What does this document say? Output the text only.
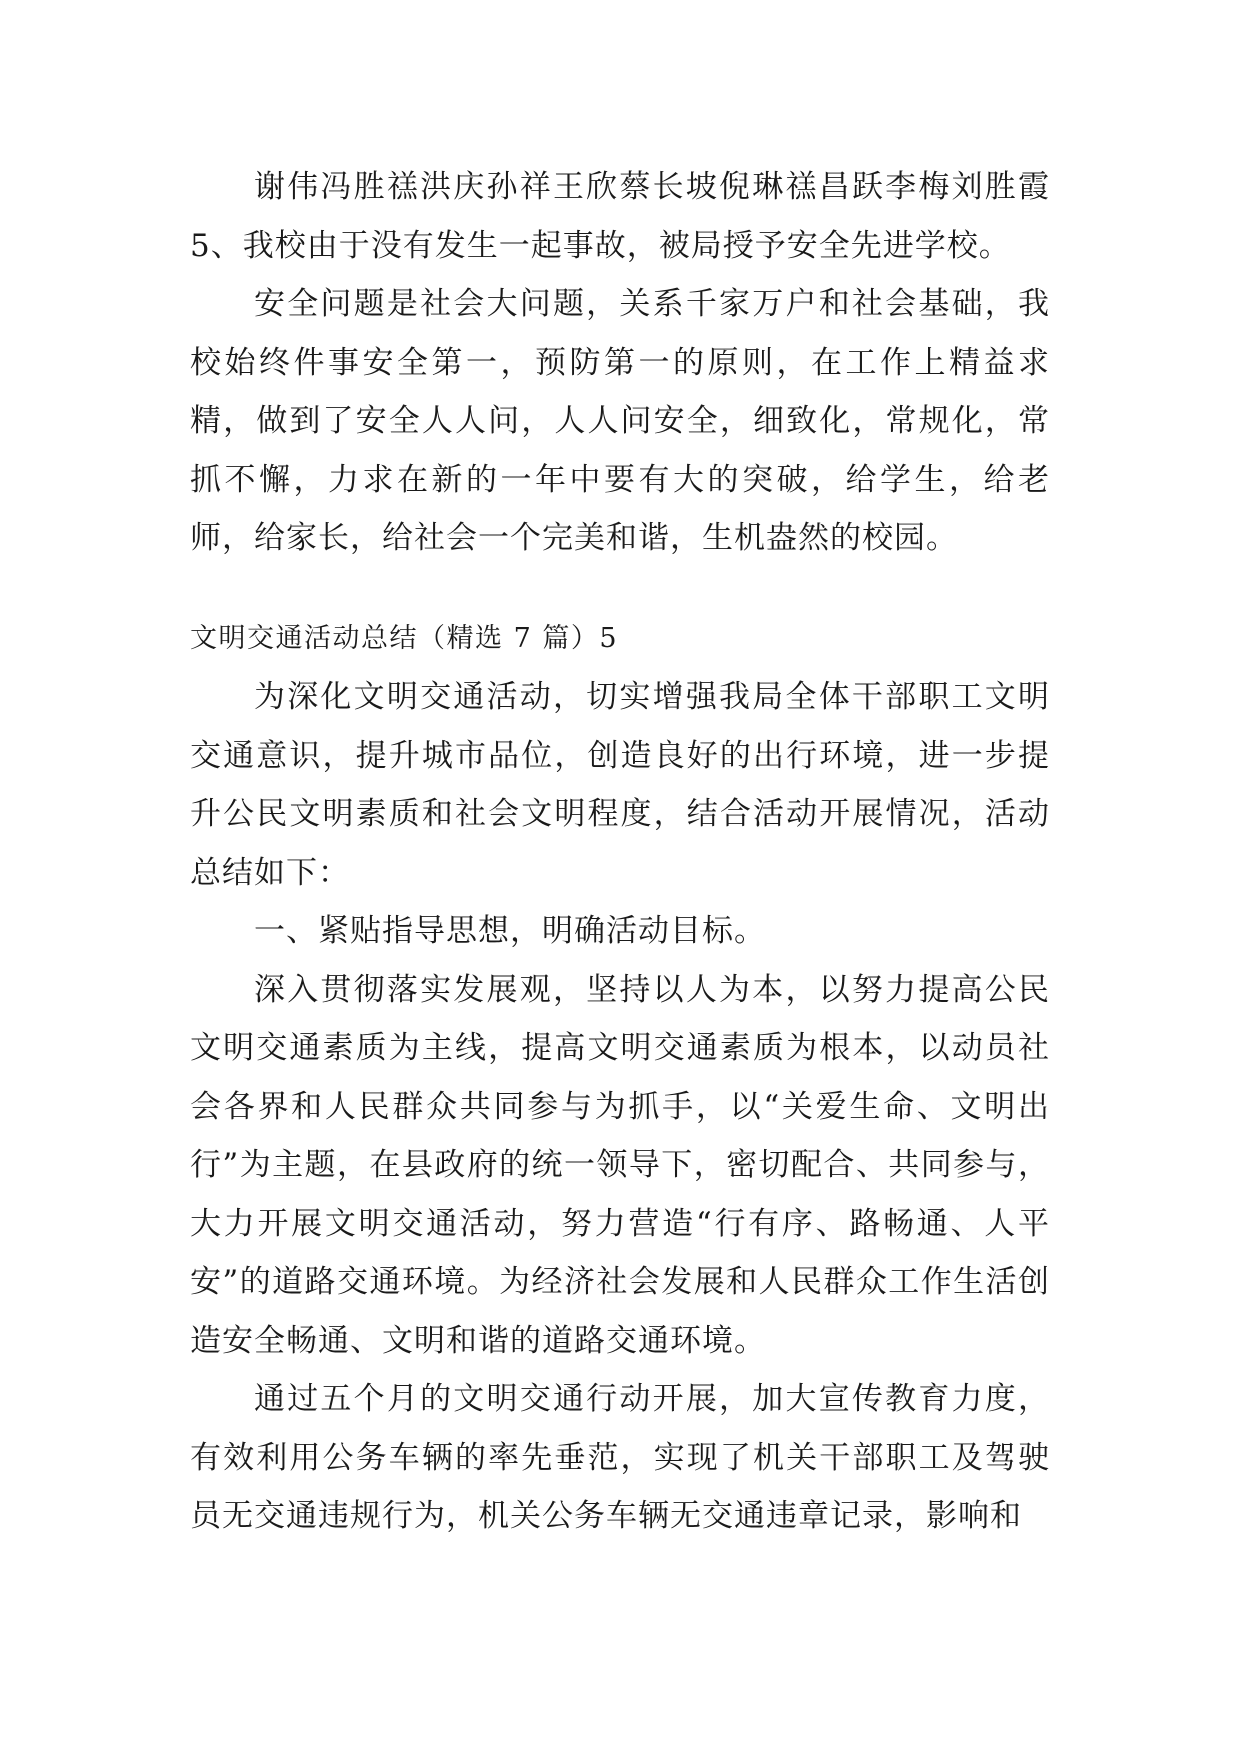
谢伟冯胜禚洪庆孙祥王欣蔡长坡倪琳禚昌跃李梅刘胜霞5、我校由于没有发生一起事故，被局授予安全先进学校。

安全问题是社会大问题，关系千家万户和社会基础，我校始终件事安全第一，预防第一的原则，在工作上精益求精，做到了安全人人问，人人问安全，细致化，常规化，常抓不懈，力求在新的一年中要有大的突破，给学生，给老师，给家长，给社会一个完美和谐，生机盎然的校园。

文明交通活动总结（精选 7 篇）5

为深化文明交通活动，切实增强我局全体干部职工文明交通意识，提升城市品位，创造良好的出行环境，进一步提升公民文明素质和社会文明程度，结合活动开展情况，活动总结如下：

一、紧贴指导思想，明确活动目标。

深入贯彻落实发展观，坚持以人为本，以努力提高公民文明交通素质为主线，提高文明交通素质为根本，以动员社会各界和人民群众共同参与为抓手，以“关爱生命、文明出行”为主题，在县政府的统一领导下，密切配合、共同参与，大力开展文明交通活动，努力营造“行有序、路畅通、人平安”的道路交通环境。为经济社会发展和人民群众工作生活创造安全畅通、文明和谐的道路交通环境。

通过五个月的文明交通行动开展，加大宣传教育力度，有效利用公务车辆的率先垂范，实现了机关干部职工及驾驶员无交通违规行为，机关公务车辆无交通违章记录，影响和
